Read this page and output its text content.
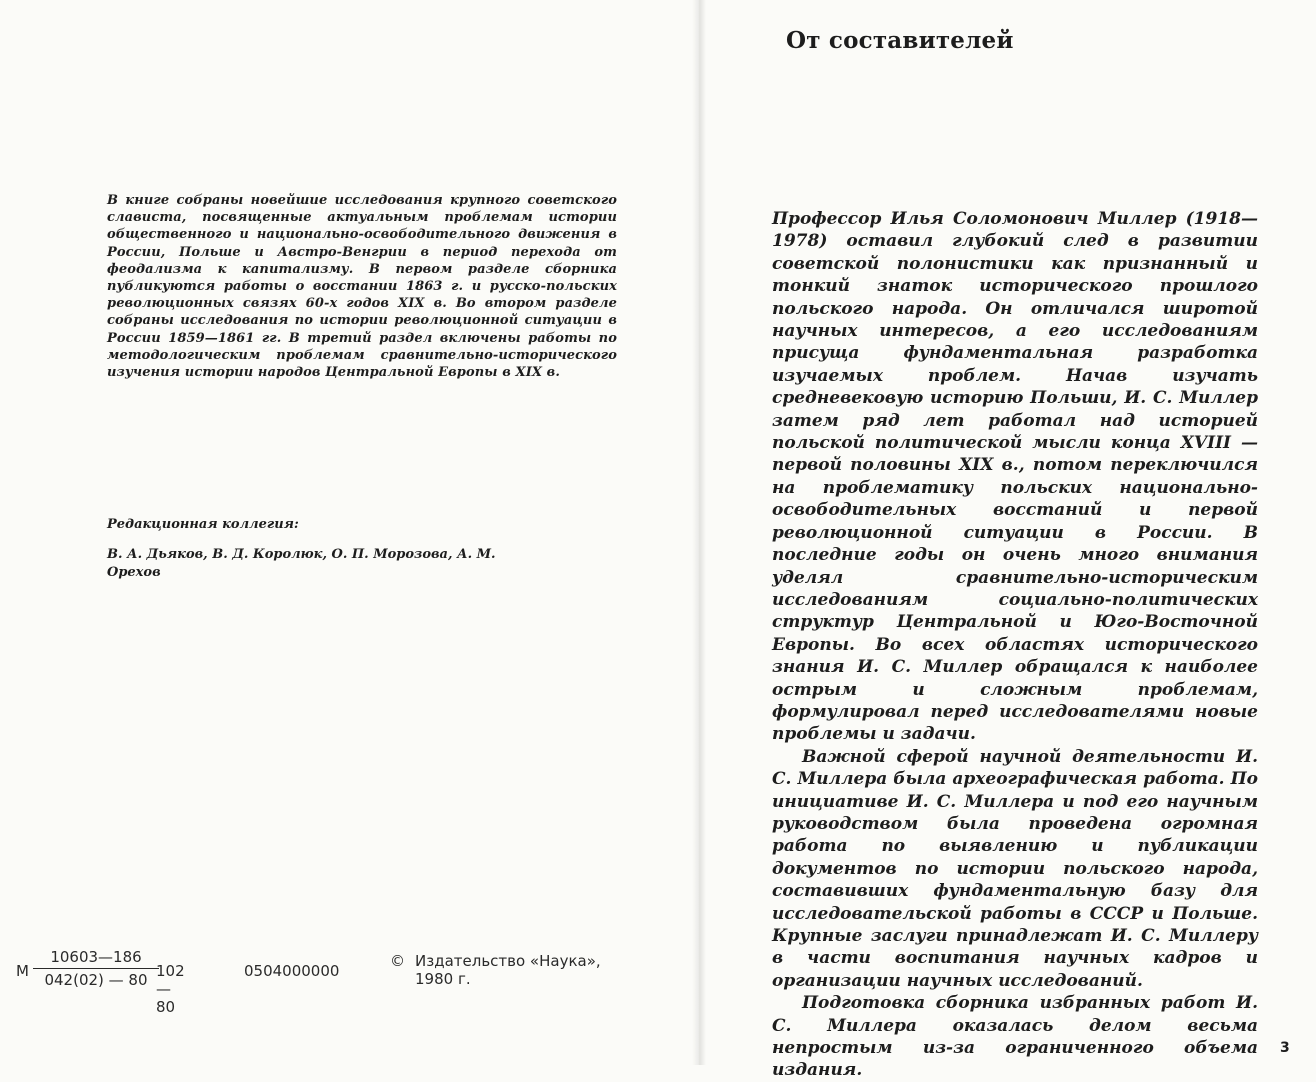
В книге собраны новейшие исследования крупного советского слависта, посвященные актуальным проблемам истории общественного и национально-освободительного движения в России, Польше и Австро-Венгрии в период перехода от феодализма к капитализму. В первом разделе сборника публикуются работы о восстании 1863 г. и русско-польских революционных связях 60-х годов XIX в. Во втором разделе собраны исследования по истории революционной ситуации в России 1859—1861 гг. В третий раздел включены работы по методологическим проблемам сравнительно-исторического изучения истории народов Центральной Европы в XIX в.

Редакционная коллегия:

В. А. Дьяков, В. Д. Королюк, О. П. Морозова, А. М. Орехов

М $\frac{10603—186}{042(02) — 80}$
102—80
0504000000
© Издательство «Наука»,
1980 г.
От составителей

Профессор Илья Соломонович Миллер (1918—1978) оставил глубокий след в развитии советской полонистики как признанный и тонкий знаток исторического прошлого польского народа. Он отличался широтой научных интересов, а его исследованиям присуща фундаментальная разработка изучаемых проблем. Начав изучать средневековую историю Польши, И. С. Миллер затем ряд лет работал над историей польской политической мысли конца XVIII — первой половины XIX в., потом переключился на проблематику польских национально-освободительных восстаний и первой революционной ситуации в России. В последние годы он очень много внимания уделял сравнительно-историческим исследованиям социально-политических структур Центральной и Юго-Восточной Европы. Во всех областях исторического знания И. С. Миллер обращался к наиболее острым и сложным проблемам, формулировал перед исследователями новые проблемы и задачи.

Важной сферой научной деятельности И. С. Миллера была археографическая работа. По инициативе И. С. Миллера и под его научным руководством была проведена огромная работа по выявлению и публикации документов по истории польского народа, составивших фундаментальную базу для исследовательской работы в СССР и Польше. Крупные заслуги принадлежат И. С. Миллеру в части воспитания научных кадров и организации научных исследований.

Подготовка сборника избранных работ И. С. Миллера оказалась делом весьма непростым из-за ограниченного объема издания.

3
